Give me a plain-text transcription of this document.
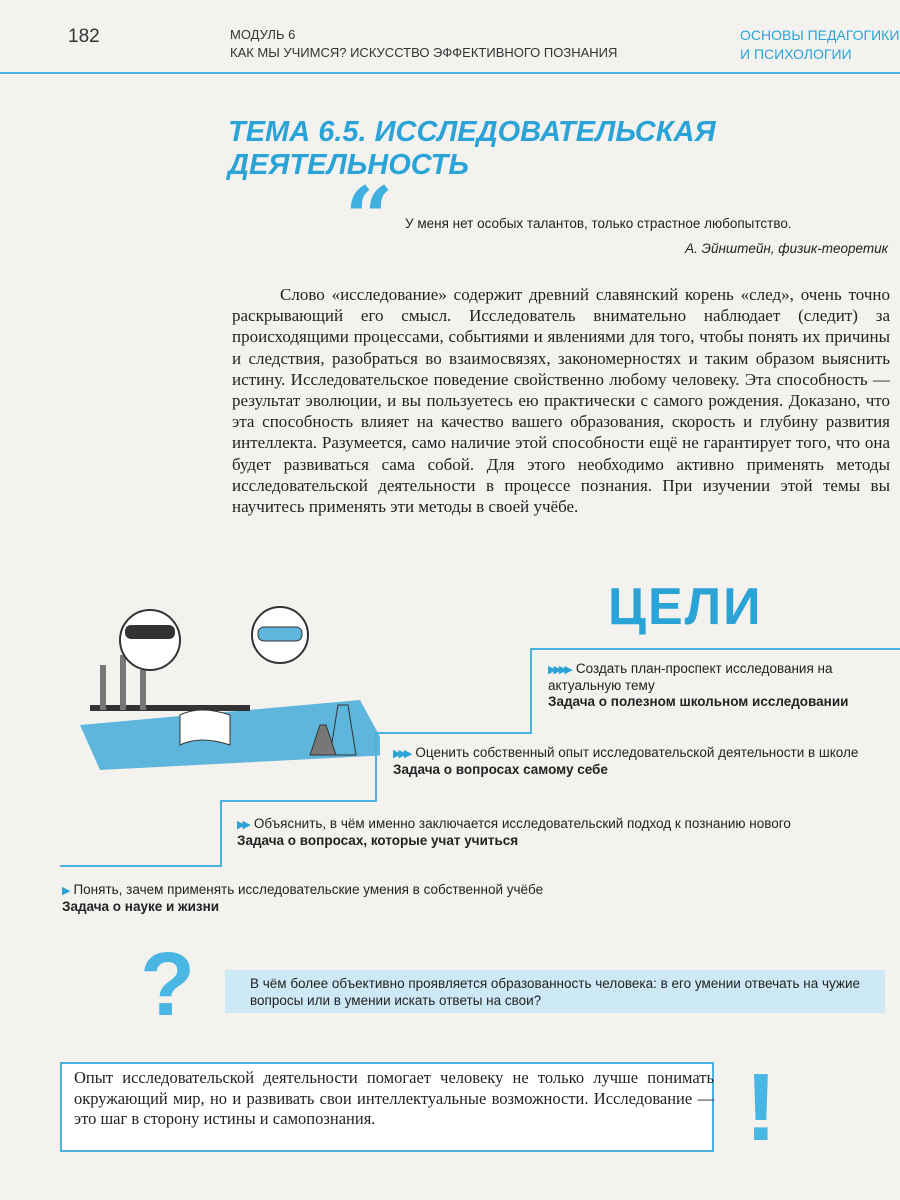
182	МОДУЛЬ 6
КАК МЫ УЧИМСЯ? ИСКУССТВО ЭФФЕКТИВНОГО ПОЗНАНИЯ
ОСНОВЫ ПЕДАГОГИКИ
И ПСИХОЛОГИИ
ТЕМА 6.5. ИССЛЕДОВАТЕЛЬСКАЯ
ДЕЯТЕЛЬНОСТЬ
“ У меня нет особых талантов, только страстное любопытство.
А. Эйнштейн, физик-теоретик
Слово «исследование» содержит древний славянский корень «след», очень точно раскрывающий его смысл. Исследователь внимательно наблюдает (следит) за происходящими процессами, событиями и явлениями для того, чтобы понять их причины и следствия, разобраться во взаимосвязях, закономерностях и таким образом выяснить истину. Исследовательское поведение свойственно любому человеку. Эта способность — результат эволюции, и вы пользуетесь ею практически с самого рождения. Доказано, что эта способность влияет на качество вашего образования, скорость и глубину развития интеллекта. Разумеется, само наличие этой способности ещё не гарантирует того, что она будет развиваться сама собой. Для этого необходимо активно применять методы исследовательской деятельности в процессе познания. При изучении этой темы вы научитесь применять эти методы в своей учёбе.
ЦЕЛИ
▶▶▶▶ Создать план-проспект исследования на актуальную тему
Задача о полезном школьном исследовании
▶▶▶ Оценить собственный опыт исследовательской деятельности в школе
Задача о вопросах самому себе
▶▶ Объяснить, в чём именно заключается исследовательский подход к познанию нового
Задача о вопросах, которые учат учиться
▶ Понять, зачем применять исследовательские умения в собственной учёбе
Задача о науке и жизни
?	В чём более объективно проявляется образованность человека: в его умении отвечать на чужие вопросы или в умении искать ответы на свои?
Опыт исследовательской деятельности помогает человеку не только лучше понимать окружающий мир, но и развивать свои интеллектуальные возможности. Исследование — это шаг в сторону истины и самопознания.	!
